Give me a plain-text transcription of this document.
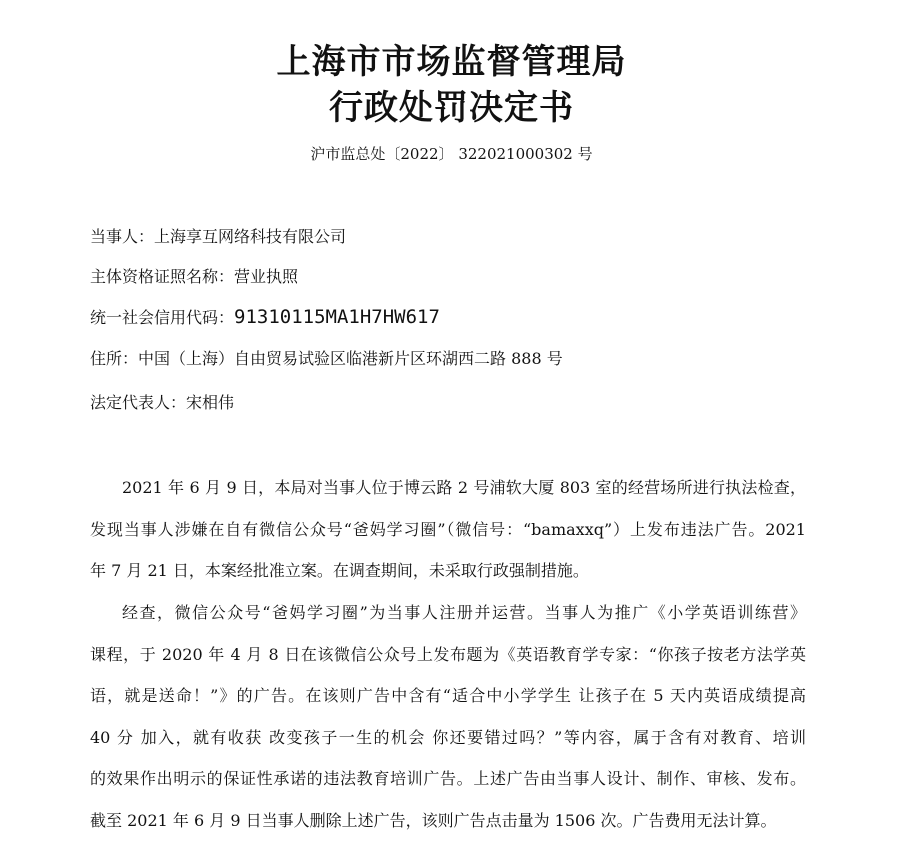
上海市市场监督管理局
行政处罚决定书
沪市监总处〔2022〕 322021000302 号
当事人：上海享互网络科技有限公司
主体资格证照名称：营业执照
统一社会信用代码：91310115MA1H7HW617
住所：中国（上海）自由贸易试验区临港新片区环湖西二路 888 号
法定代表人：宋相伟
2021 年 6 月 9 日，本局对当事人位于博云路 2 号浦软大厦 803 室的经营场所进行执法检查，
发现当事人涉嫌在自有微信公众号“爸妈学习圈”（微信号：“bamaxxq”）上发布违法广告。2021
年 7 月 21 日，本案经批准立案。在调查期间，未采取行政强制措施。
经查，微信公众号“爸妈学习圈”为当事人注册并运营。当事人为推广《小学英语训练营》
课程，于 2020 年 4 月 8 日在该微信公众号上发布题为《英语教育学专家：“你孩子按老方法学英
语，就是送命！”》的广告。在该则广告中含有“适合中小学学生 让孩子在 5 天内英语成绩提高
40 分 加入，就有收获 改变孩子一生的机会 你还要错过吗？”等内容，属于含有对教育、培训
的效果作出明示的保证性承诺的违法教育培训广告。上述广告由当事人设计、制作、审核、发布。
截至 2021 年 6 月 9 日当事人删除上述广告，该则广告点击量为 1506 次。广告费用无法计算。
